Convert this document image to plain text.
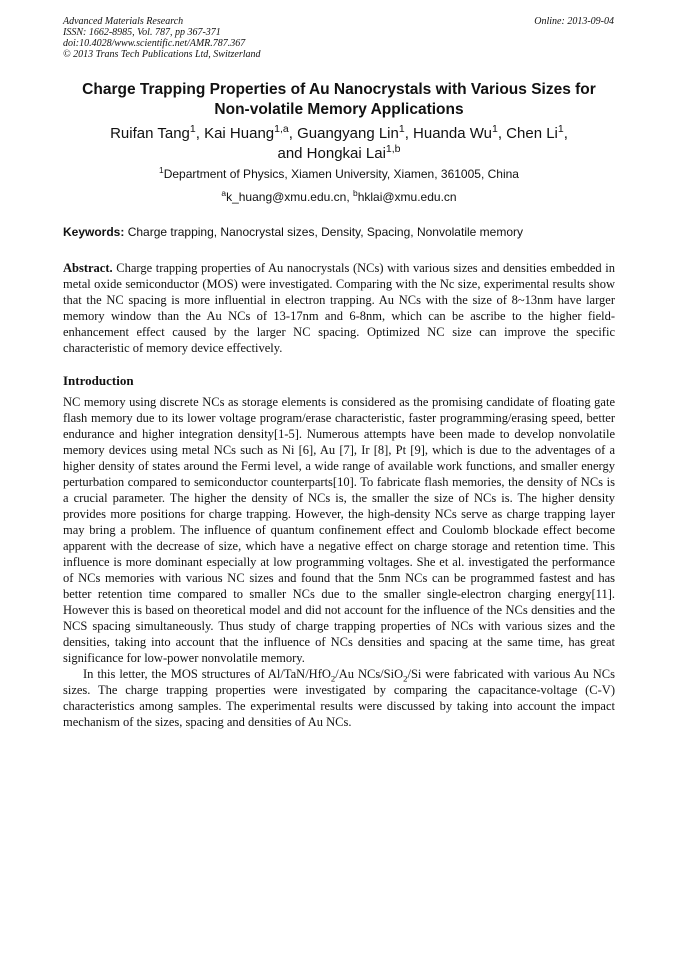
Advanced Materials Research
ISSN: 1662-8985, Vol. 787, pp 367-371
doi:10.4028/www.scientific.net/AMR.787.367
© 2013 Trans Tech Publications Ltd, Switzerland
Online: 2013-09-04
Charge Trapping Properties of Au Nanocrystals with Various Sizes for
Non-volatile Memory Applications
Ruifan Tang$^1$, Kai Huang$^{1,a}$, Guangyang Lin$^1$, Huanda Wu$^1$, Chen Li$^1$,
and Hongkai Lai$^{1,b}$
$^1$Department of Physics, Xiamen University, Xiamen, 361005, China
$^a$k_huang@xmu.edu.cn, $^b$hklai@xmu.edu.cn
Keywords: Charge trapping, Nanocrystal sizes, Density, Spacing, Nonvolatile memory
Abstract. Charge trapping properties of Au nanocrystals (NCs) with various sizes and densities embedded in metal oxide semiconductor (MOS) were investigated. Comparing with the Nc size, experimental results show that the NC spacing is more influential in electron trapping. Au NCs with the size of 8~13nm have larger memory window than the Au NCs of 13-17nm and 6-8nm, which can be ascribe to the higher field-enhancement effect caused by the larger NC spacing. Optimized NC size can improve the specific characteristic of memory device effectively.
Introduction

NC memory using discrete NCs as storage elements is considered as the promising candidate of floating gate flash memory due to its lower voltage program/erase characteristic, faster programming/erasing speed, better endurance and higher integration density[1-5]. Numerous attempts have been made to develop nonvolatile memory devices using metal NCs such as Ni [6], Au [7], Ir [8], Pt [9], which is due to the adventages of a higher density of states around the Fermi level, a wide range of available work functions, and smaller energy perturbation compared to semiconductor counterparts[10]. To fabricate flash memories, the density of NCs is a crucial parameter. The higher the density of NCs is, the smaller the size of NCs is. The higher density provides more positions for charge trapping. However, the high-density NCs serve as charge trapping layer may bring a problem. The influence of quantum confinement effect and Coulomb blockade effect become apparent with the decrease of size, which have a negative effect on charge storage and retention time. This influence is more dominant especially at low programming voltages. She et al. investigated the performance of NCs memories with various NC sizes and found that the 5nm NCs can be programmed fastest and has better retention time compared to smaller NCs due to the smaller single-electron charging energy[11]. However this is based on theoretical model and did not account for the influence of the NCs densities and the NCS spacing simultaneously. Thus study of charge trapping properties of NCs with various sizes and the densities, taking into account that the influence of NCs densities and spacing at the same time, has great significance for low-power nonvolatile memory.

In this letter, the MOS structures of Al/TaN/HfO$_2$/Au NCs/SiO$_2$/Si were fabricated with various Au NCs sizes. The charge trapping properties were investigated by comparing the capacitance-voltage (C-V) characteristics among samples. The experimental results were discussed by taking into account the impact mechanism of the sizes, spacing and densities of Au NCs.
